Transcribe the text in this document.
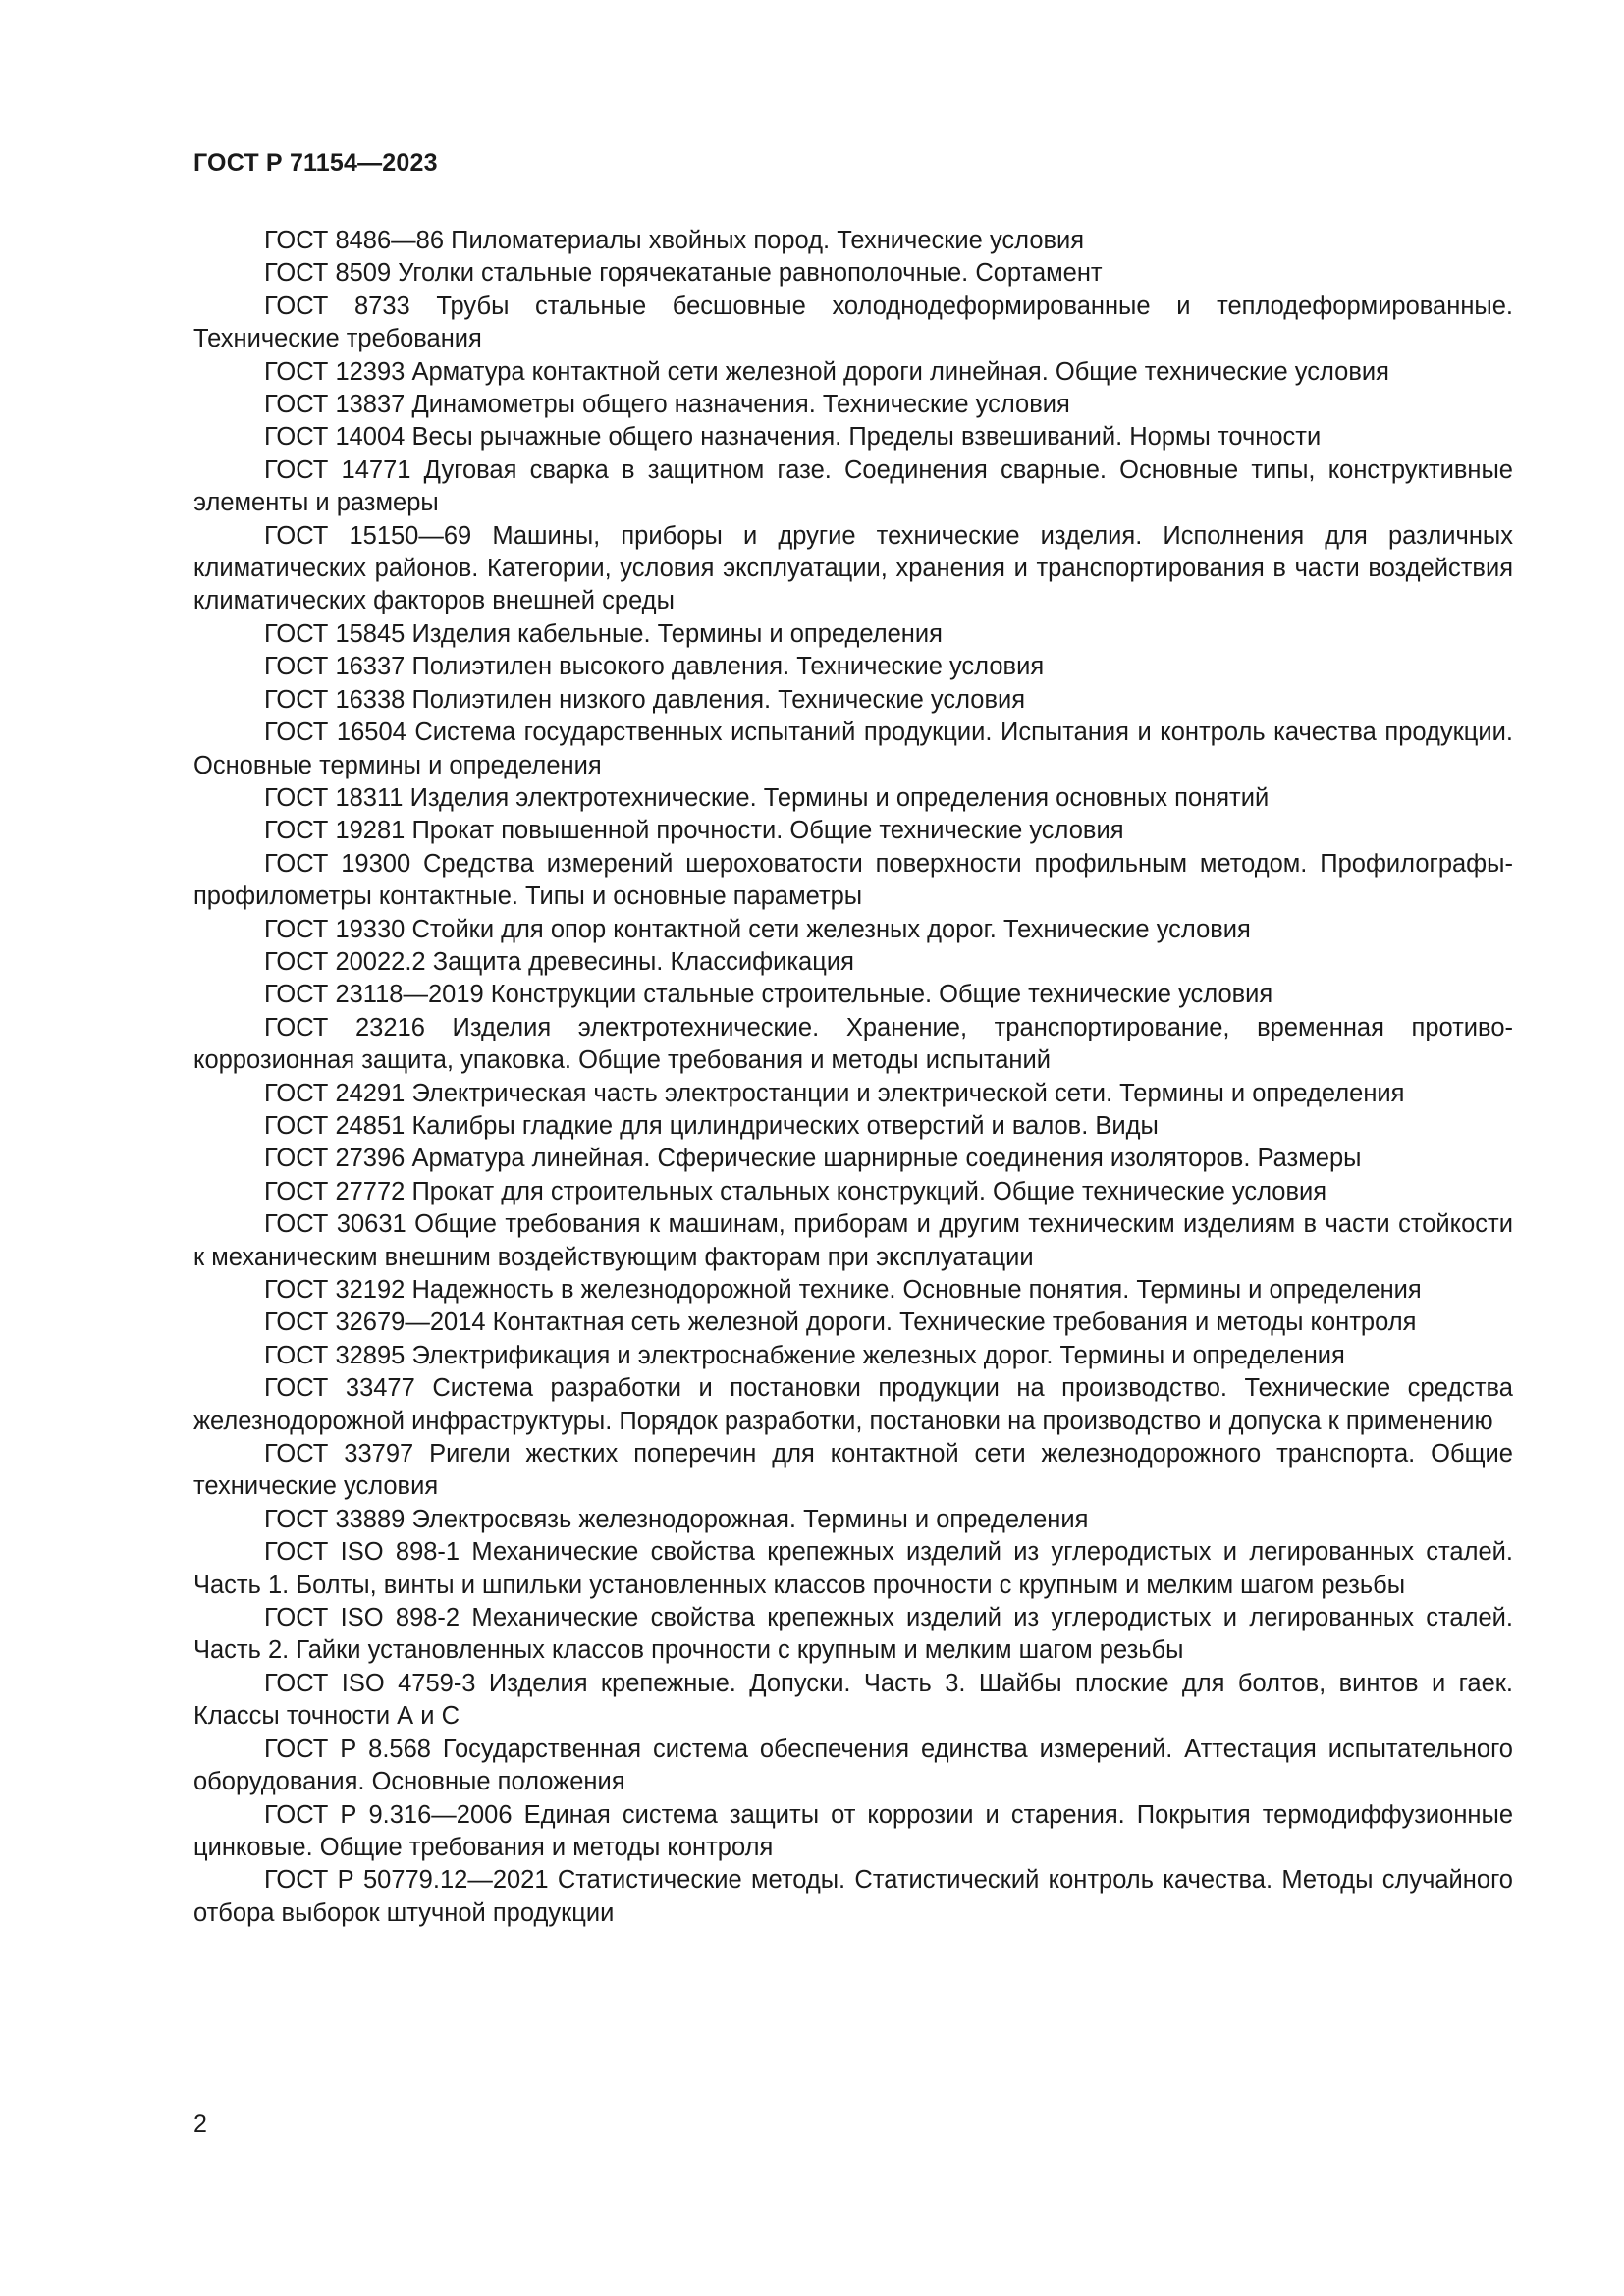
ГОСТ Р 71154—2023

ГОСТ 8486—86 Пиломатериалы хвойных пород. Технические условия

ГОСТ 8509 Уголки стальные горячекатаные равнополочные. Сортамент

ГОСТ 8733 Трубы стальные бесшовные холоднодеформированные и теплодеформированные. Технические требования

ГОСТ 12393 Арматура контактной сети железной дороги линейная. Общие технические условия

ГОСТ 13837 Динамометры общего назначения. Технические условия

ГОСТ 14004 Весы рычажные общего назначения. Пределы взвешиваний. Нормы точности

ГОСТ 14771 Дуговая сварка в защитном газе. Соединения сварные. Основные типы, конструктивные элементы и размеры

ГОСТ 15150—69 Машины, приборы и другие технические изделия. Исполнения для различных климатических районов. Категории, условия эксплуатации, хранения и транспортирования в части воздействия климатических факторов внешней среды

ГОСТ 15845 Изделия кабельные. Термины и определения

ГОСТ 16337 Полиэтилен высокого давления. Технические условия

ГОСТ 16338 Полиэтилен низкого давления. Технические условия

ГОСТ 16504 Система государственных испытаний продукции. Испытания и контроль качества продукции. Основные термины и определения

ГОСТ 18311 Изделия электротехнические. Термины и определения основных понятий

ГОСТ 19281 Прокат повышенной прочности. Общие технические условия

ГОСТ 19300 Средства измерений шероховатости поверхности профильным методом. Профилографы-профилометры контактные. Типы и основные параметры

ГОСТ 19330 Стойки для опор контактной сети железных дорог. Технические условия

ГОСТ 20022.2 Защита древесины. Классификация

ГОСТ 23118—2019 Конструкции стальные строительные. Общие технические условия

ГОСТ 23216 Изделия электротехнические. Хранение, транспортирование, временная противокоррозионная защита, упаковка. Общие требования и методы испытаний

ГОСТ 24291 Электрическая часть электростанции и электрической сети. Термины и определения

ГОСТ 24851 Калибры гладкие для цилиндрических отверстий и валов. Виды

ГОСТ 27396 Арматура линейная. Сферические шарнирные соединения изоляторов. Размеры

ГОСТ 27772 Прокат для строительных стальных конструкций. Общие технические условия

ГОСТ 30631 Общие требования к машинам, приборам и другим техническим изделиям в части стойкости к механическим внешним воздействующим факторам при эксплуатации

ГОСТ 32192 Надежность в железнодорожной технике. Основные понятия. Термины и определения

ГОСТ 32679—2014 Контактная сеть железной дороги. Технические требования и методы контроля

ГОСТ 32895 Электрификация и электроснабжение железных дорог. Термины и определения

ГОСТ 33477 Система разработки и постановки продукции на производство. Технические средства железнодорожной инфраструктуры. Порядок разработки, постановки на производство и допуска к применению

ГОСТ 33797 Ригели жестких поперечин для контактной сети железнодорожного транспорта. Общие технические условия

ГОСТ 33889 Электросвязь железнодорожная. Термины и определения

ГОСТ ISO 898-1 Механические свойства крепежных изделий из углеродистых и легированных сталей. Часть 1. Болты, винты и шпильки установленных классов прочности с крупным и мелким шагом резьбы

ГОСТ ISO 898-2 Механические свойства крепежных изделий из углеродистых и легированных сталей. Часть 2. Гайки установленных классов прочности с крупным и мелким шагом резьбы

ГОСТ ISO 4759-3 Изделия крепежные. Допуски. Часть 3. Шайбы плоские для болтов, винтов и гаек. Классы точности А и С

ГОСТ Р 8.568 Государственная система обеспечения единства измерений. Аттестация испытательного оборудования. Основные положения

ГОСТ Р 9.316—2006 Единая система защиты от коррозии и старения. Покрытия термодиффузионные цинковые. Общие требования и методы контроля

ГОСТ Р 50779.12—2021 Статистические методы. Статистический контроль качества. Методы случайного отбора выборок штучной продукции

2
